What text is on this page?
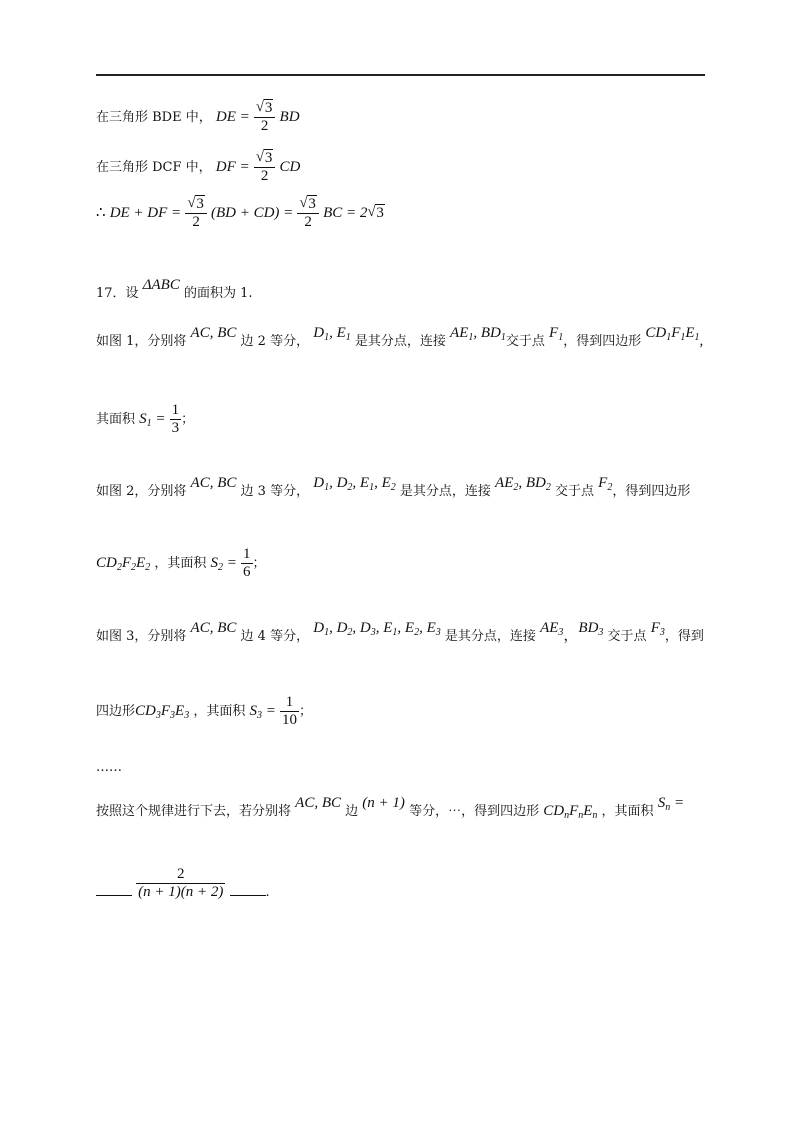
在三角形 BDE 中， DE = $\frac{√ 3}{2}$ BD
在三角形 DCF 中， DF = $\frac{√ 3}{2}$ CD
∴ DE + DF = $\frac{√ 3}{2} (BD + CD) = \frac{√ 3}{2}$ BC = 2 √ 3
17．设 ΔABC 的面积为 1.
如图 1，分别将 AC, BC 边 2 等分， $D_1$, $E_1$ 是其分点，连接 $AE_1$, $BD_1$交于点 $F_1$，得到四边形 $CD_1F_1E_1$,
其面积 $S_1 = \frac{1}{3}$ ；
如图 2，分别将 AC, BC 边 3 等分， $D_1$, $D_2$, $E_1$, $E_2$ 是其分点，连接 $AE_2$, $BD_2$ 交于点 $F_2$，得到四边形
$CD_2F_2E_2$ ，其面积 $S_2 = \frac{1}{6}$ ；
如图 3，分别将 AC, BC 边 4 等分， $D_1$, $D_2$, $D_3$, $E_1$, $E_2$, $E_3$ 是其分点，连接 $AE_3$，$BD_3$ 交于点 $F_3$，得到
四边形$CD_3F_3E_3$ ，其面积 $S_3 = \frac{1}{10}$ ；
……
按照这个规律进行下去，若分别将 AC, BC 边 (n + 1) 等分，⋯，得到四边形 $CD_nF_nE_n$ ，其面积 $S_n$ =

$\frac{2}{(n + 1)(n + 2)}$	.
